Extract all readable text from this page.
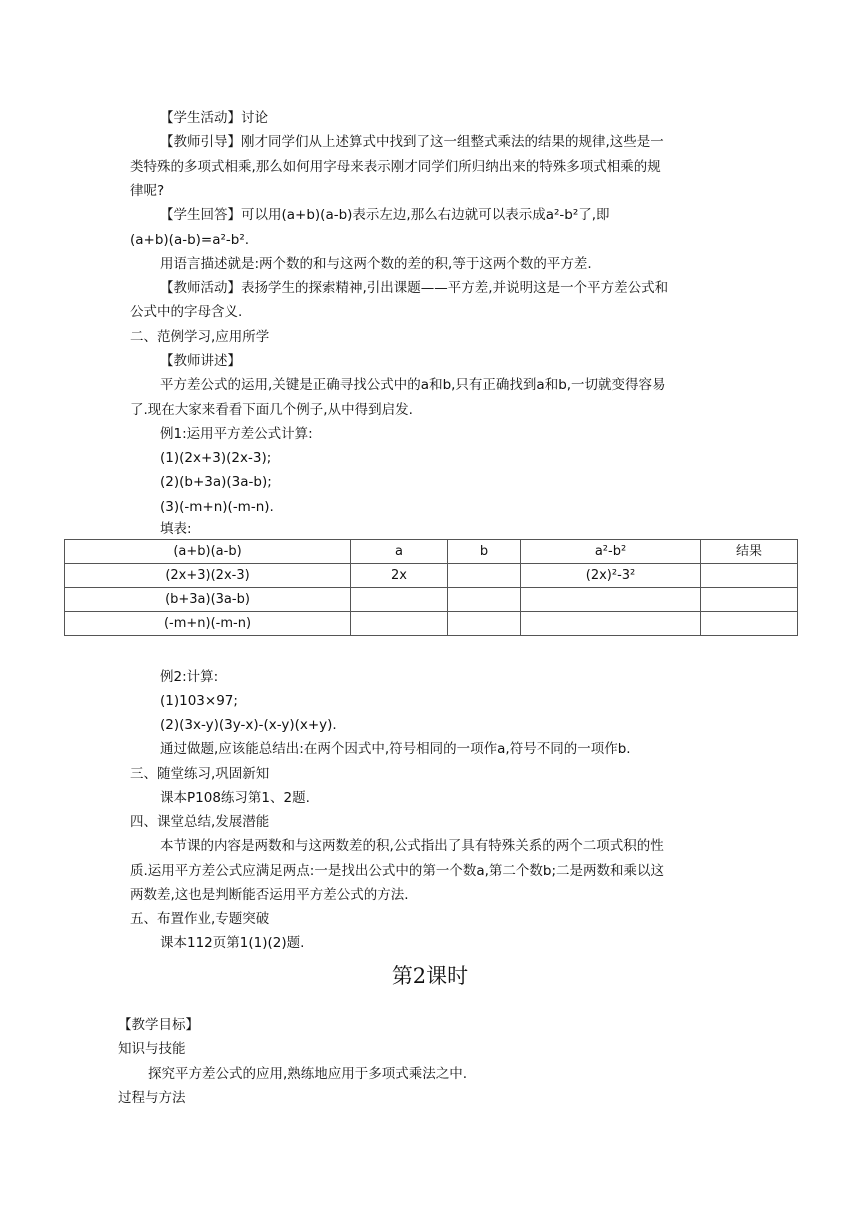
【学生活动】讨论
【教师引导】刚才同学们从上述算式中找到了这一组整式乘法的结果的规律,这些是一
类特殊的多项式相乘,那么如何用字母来表示刚才同学们所归纳出来的特殊多项式相乘的规
律呢?
【学生回答】可以用(a+b)(a-b)表示左边,那么右边就可以表示成a²-b²了,即
(a+b)(a-b)=a²-b².
用语言描述就是:两个数的和与这两个数的差的积,等于这两个数的平方差.
【教师活动】表扬学生的探索精神,引出课题——平方差,并说明这是一个平方差公式和
公式中的字母含义.
二、范例学习,应用所学
【教师讲述】
平方差公式的运用,关键是正确寻找公式中的a和b,只有正确找到a和b,一切就变得容易
了.现在大家来看看下面几个例子,从中得到启发.
例1:运用平方差公式计算:
(1)(2x+3)(2x-3);
(2)(b+3a)(3a-b);
(3)(-m+n)(-m-n).
填表:
(a+b)(a-b)	a	b	a²-b²	结果
(2x+3)(2x-3)	2x		(2x)²-3²	
(b+3a)(3a-b)				
(-m+n)(-m-n)				
例2:计算:
(1)103×97;
(2)(3x-y)(3y-x)-(x-y)(x+y).
通过做题,应该能总结出:在两个因式中,符号相同的一项作a,符号不同的一项作b.
三、随堂练习,巩固新知
课本P108练习第1、2题.
四、课堂总结,发展潜能
本节课的内容是两数和与这两数差的积,公式指出了具有特殊关系的两个二项式积的性
质.运用平方差公式应满足两点:一是找出公式中的第一个数a,第二个数b;二是两数和乘以这
两数差,这也是判断能否运用平方差公式的方法.
五、布置作业,专题突破
课本112页第1(1)(2)题.
第2课时
【教学目标】
知识与技能
探究平方差公式的应用,熟练地应用于多项式乘法之中.
过程与方法
